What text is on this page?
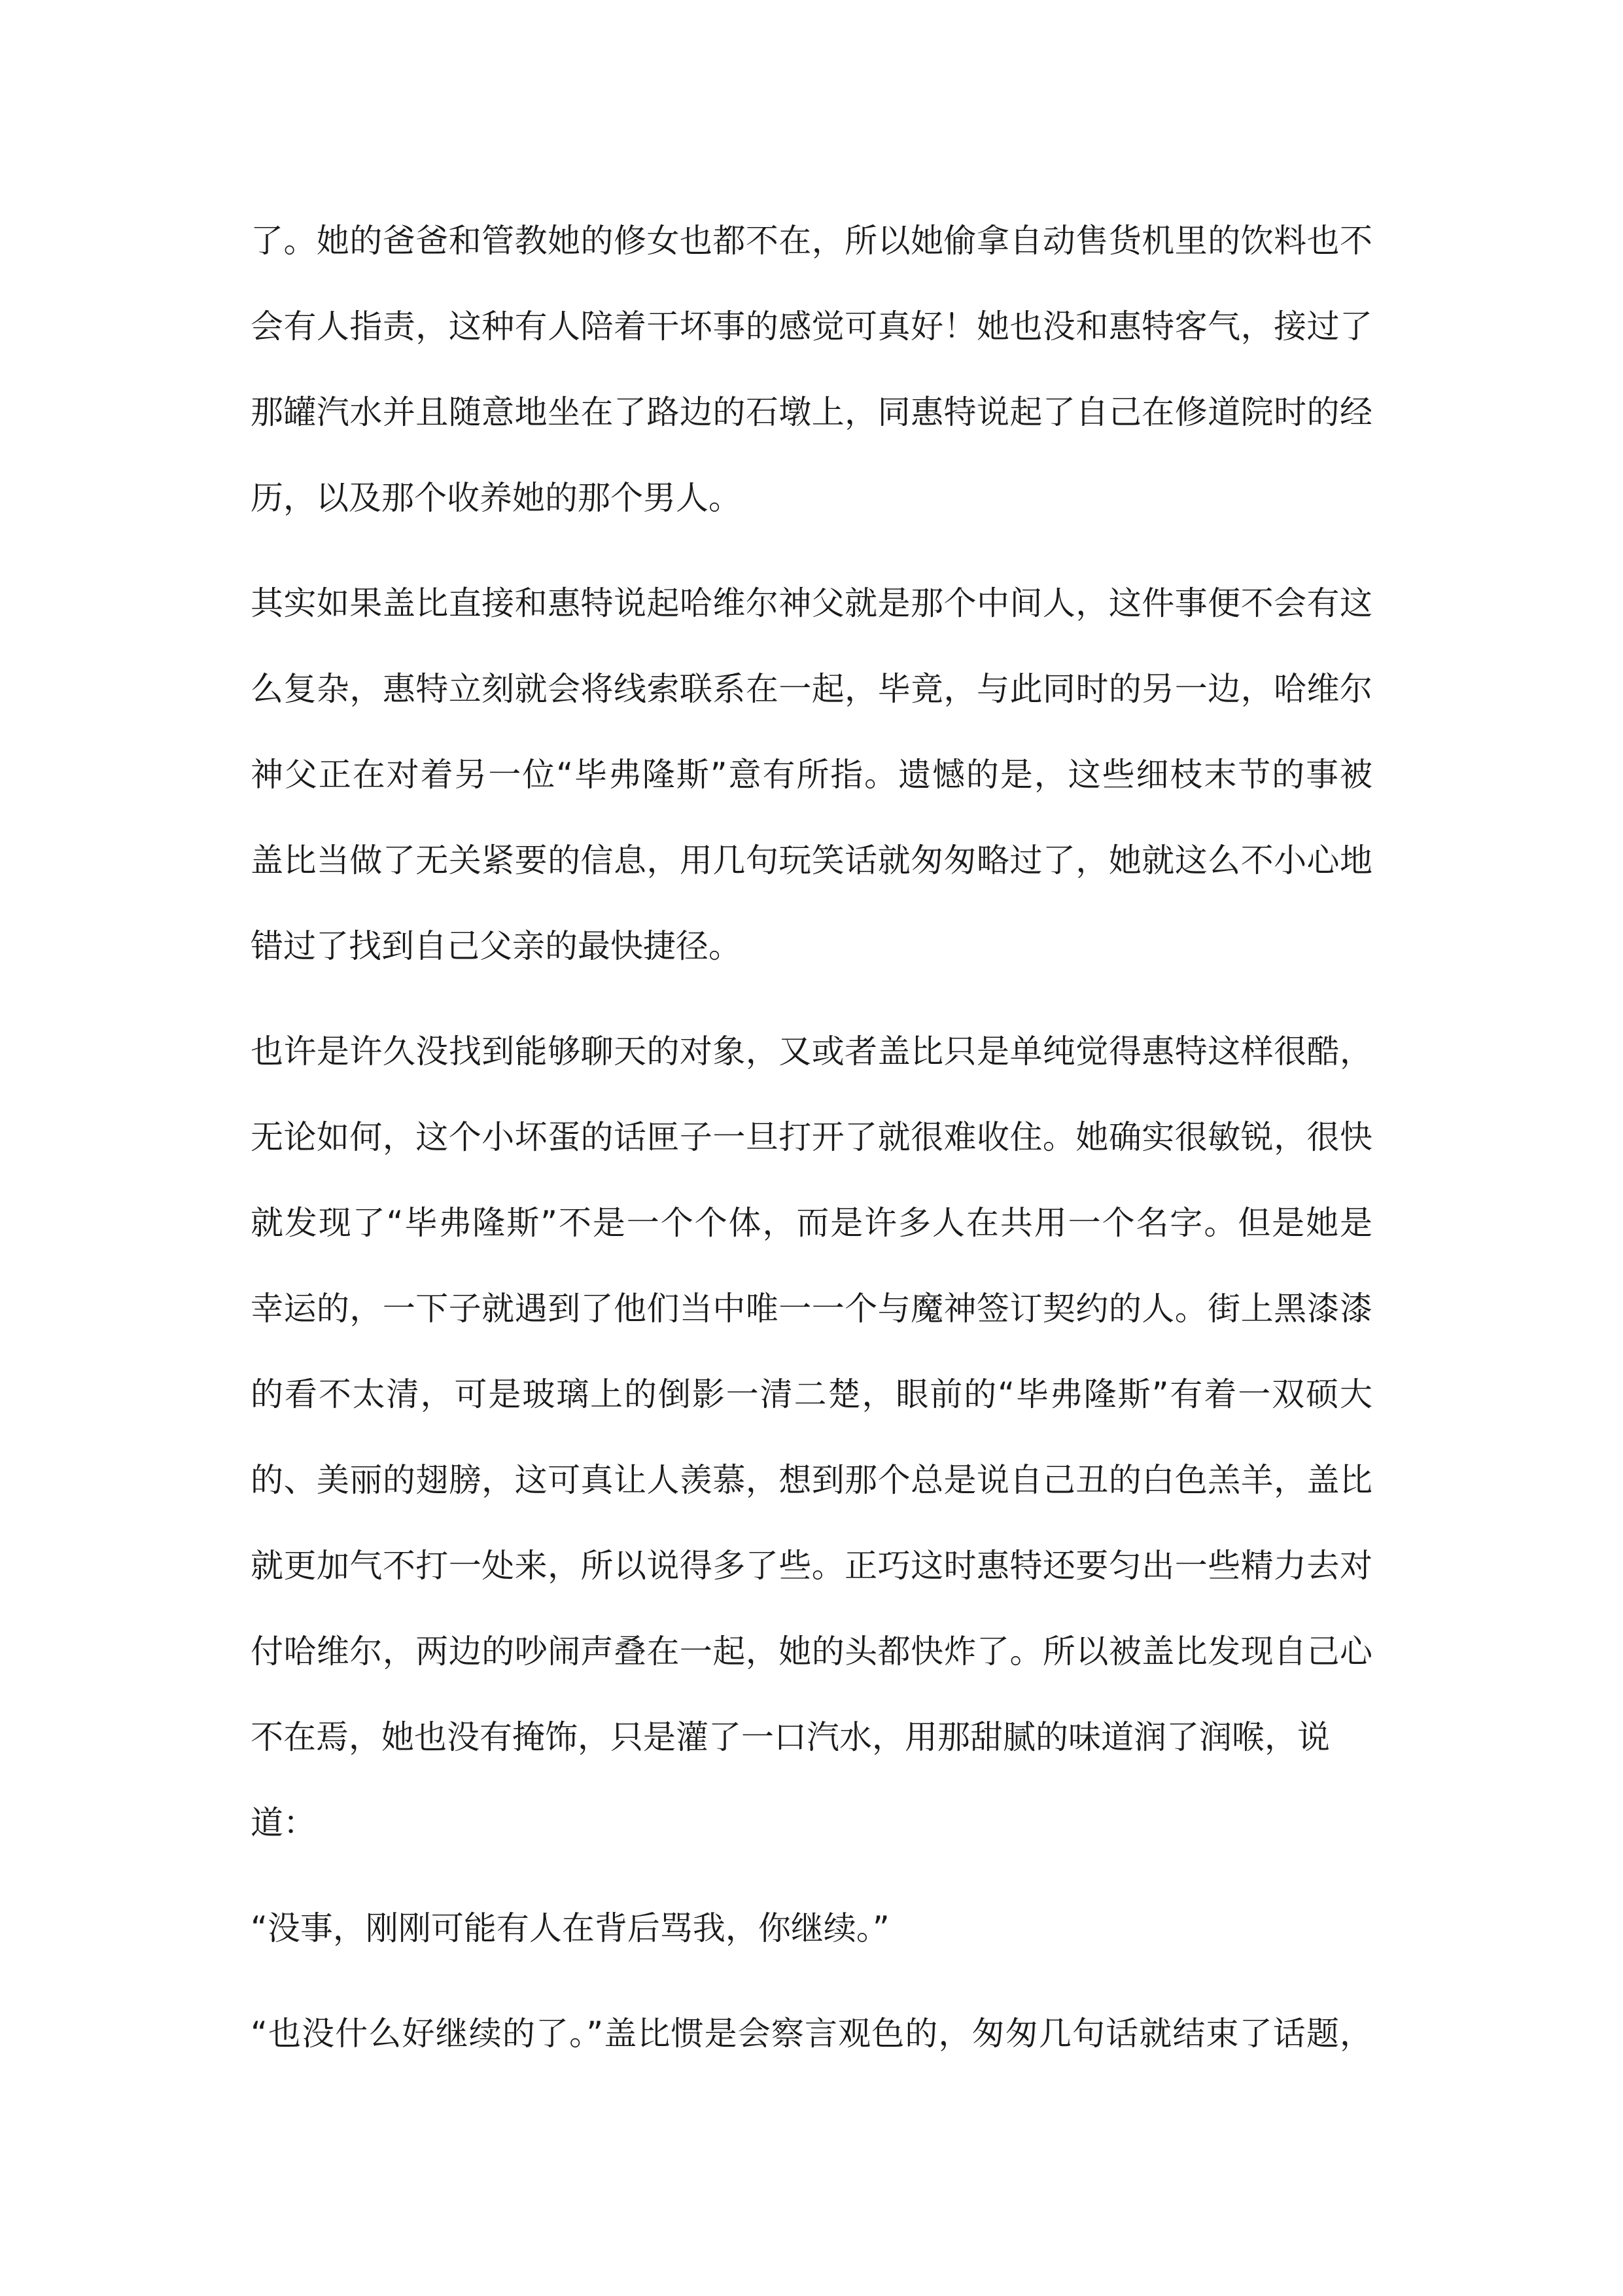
了。她的爸爸和管教她的修女也都不在，所以她偷拿自动售货机里的饮料也不
会有人指责，这种有人陪着干坏事的感觉可真好！她也没和惠特客气，接过了
那罐汽水并且随意地坐在了路边的石墩上，同惠特说起了自己在修道院时的经
历，以及那个收养她的那个男人。
其实如果盖比直接和惠特说起哈维尔神父就是那个中间人，这件事便不会有这
么复杂，惠特立刻就会将线索联系在一起，毕竟，与此同时的另一边，哈维尔
神父正在对着另一位“毕弗隆斯”意有所指。遗憾的是，这些细枝末节的事被
盖比当做了无关紧要的信息，用几句玩笑话就匆匆略过了，她就这么不小心地
错过了找到自己父亲的最快捷径。
也许是许久没找到能够聊天的对象，又或者盖比只是单纯觉得惠特这样很酷，
无论如何，这个小坏蛋的话匣子一旦打开了就很难收住。她确实很敏锐，很快
就发现了“毕弗隆斯”不是一个个体，而是许多人在共用一个名字。但是她是
幸运的，一下子就遇到了他们当中唯一一个与魔神签订契约的人。街上黑漆漆
的看不太清，可是玻璃上的倒影一清二楚，眼前的“毕弗隆斯”有着一双硕大
的、美丽的翅膀，这可真让人羡慕，想到那个总是说自己丑的白色羔羊，盖比
就更加气不打一处来，所以说得多了些。正巧这时惠特还要匀出一些精力去对
付哈维尔，两边的吵闹声叠在一起，她的头都快炸了。所以被盖比发现自己心
不在焉，她也没有掩饰，只是灌了一口汽水，用那甜腻的味道润了润喉，说
道：
“没事，刚刚可能有人在背后骂我，你继续。”
“也没什么好继续的了。”盖比惯是会察言观色的，匆匆几句话就结束了话题，
